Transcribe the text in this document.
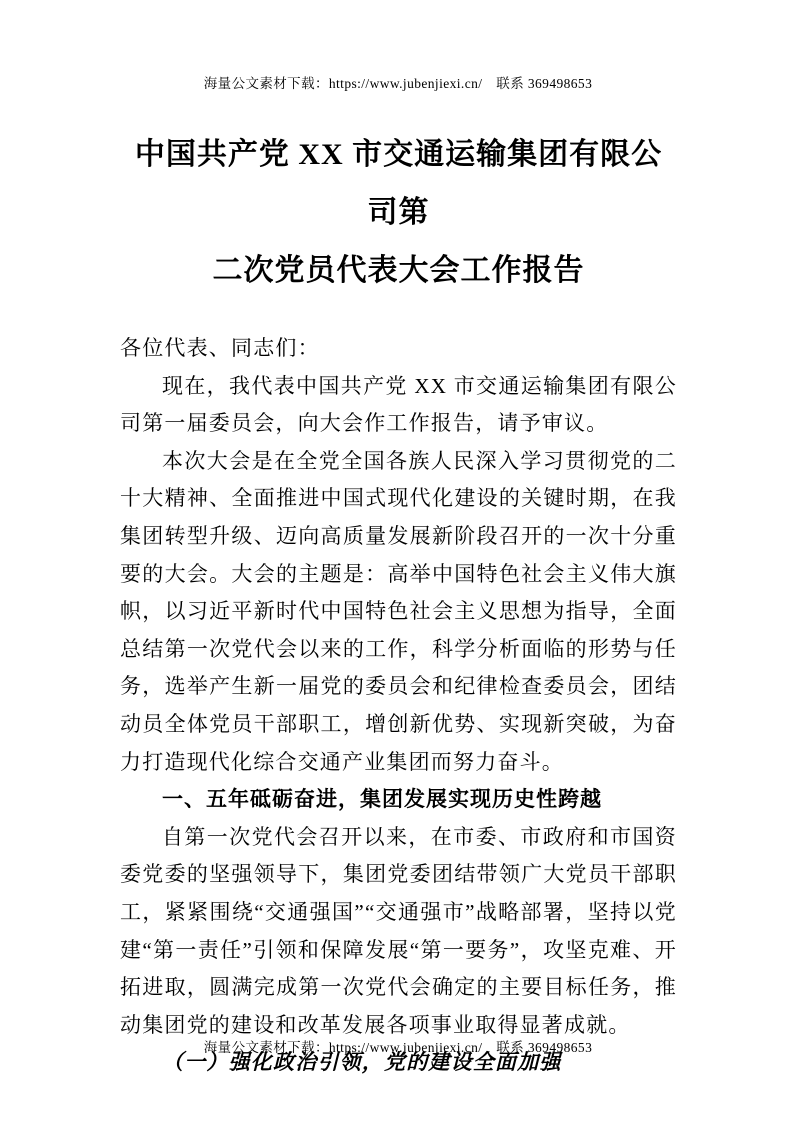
海量公文素材下载：https://www.jubenjiexi.cn/　联系 369498653
中国共产党 XX 市交通运输集团有限公司第
二次党员代表大会工作报告

各位代表、同志们：

现在，我代表中国共产党 XX 市交通运输集团有限公司第一届委员会，向大会作工作报告，请予审议。

本次大会是在全党全国各族人民深入学习贯彻党的二十大精神、全面推进中国式现代化建设的关键时期，在我集团转型升级、迈向高质量发展新阶段召开的一次十分重要的大会。大会的主题是：高举中国特色社会主义伟大旗帜，以习近平新时代中国特色社会主义思想为指导，全面总结第一次党代会以来的工作，科学分析面临的形势与任务，选举产生新一届党的委员会和纪律检查委员会，团结动员全体党员干部职工，增创新优势、实现新突破，为奋力打造现代化综合交通产业集团而努力奋斗。

一、五年砥砺奋进，集团发展实现历史性跨越

自第一次党代会召开以来，在市委、市政府和市国资委党委的坚强领导下，集团党委团结带领广大党员干部职工，紧紧围绕“交通强国”“交通强市”战略部署，坚持以党建“第一责任”引领和保障发展“第一要务”，攻坚克难、开拓进取，圆满完成第一次党代会确定的主要目标任务，推动集团党的建设和改革发展各项事业取得显著成就。

（一）强化政治引领，党的建设全面加强

海量公文素材下载：https://www.jubenjiexi.cn/　联系 369498653
